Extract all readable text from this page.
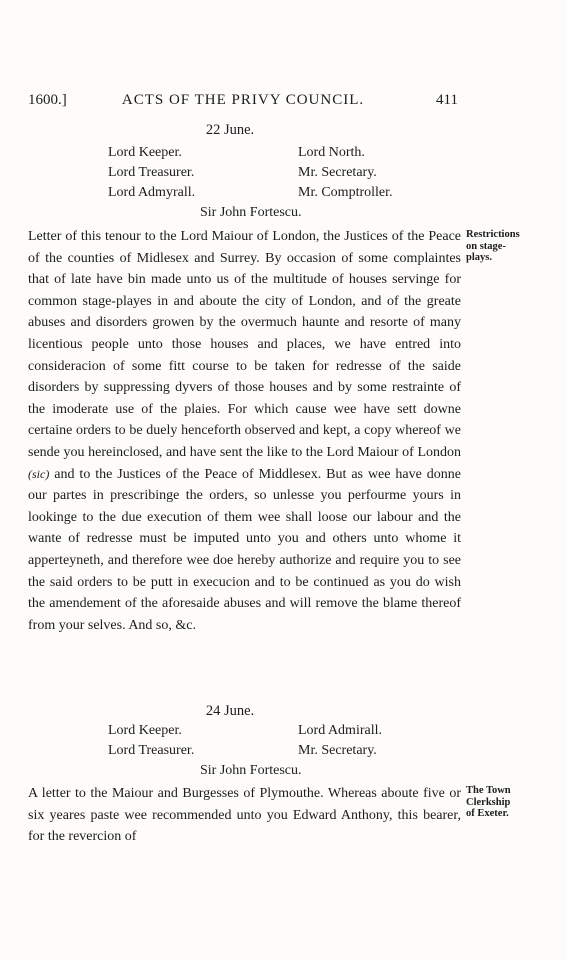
1600.]	ACTS OF THE PRIVY COUNCIL.	411
22 June.
Lord Keeper.	Lord North.
Lord Treasurer.	Mr. Secretary.
Lord Admyrall.	Mr. Comptroller.
Sir John Fortescu.

Letter of this tenour to the Lord Maiour of London, the Justices of the Peace of the counties of Midlesex and Surrey. By occasion of some complaintes that of late have bin made unto us of the multitude of houses servinge for common stage-playes in and aboute the city of London, and of the greate abuses and disorders growen by the overmuch haunte and resorte of many licentious people unto those houses and places, we have entred into consideracion of some fitt course to be taken for redresse of the saide disorders by suppressing dyvers of those houses and by some restrainte of the imoderate use of the plaies. For which cause wee have sett downe certaine orders to be duely henceforth observed and kept, a copy whereof we sende you hereinclosed, and have sent the like to the Lord Maiour of London (sic) and to the Justices of the Peace of Middlesex. But as wee have donne our partes in prescribinge the orders, so unlesse you perfourme yours in lookinge to the due execution of them wee shall loose our labour and the wante of redresse must be imputed unto you and others unto whome it apperteyneth, and therefore wee doe hereby authorize and require you to see the said orders to be putt in execucion and to be continued as you do wish the amendement of the aforesaide abuses and will remove the blame thereof from your selves. And so, &c.

Restrictions
on stage-
plays.
24 June.
Lord Keeper.	Lord Admirall.
Lord Treasurer.	Mr. Secretary.
Sir John Fortescu.

A letter to the Maiour and Burgesses of Plymouthe. Whereas aboute five or six yeares paste wee recommended unto you Edward Anthony, this bearer, for the revercion of

The Town
Clerkship
of Exeter.
